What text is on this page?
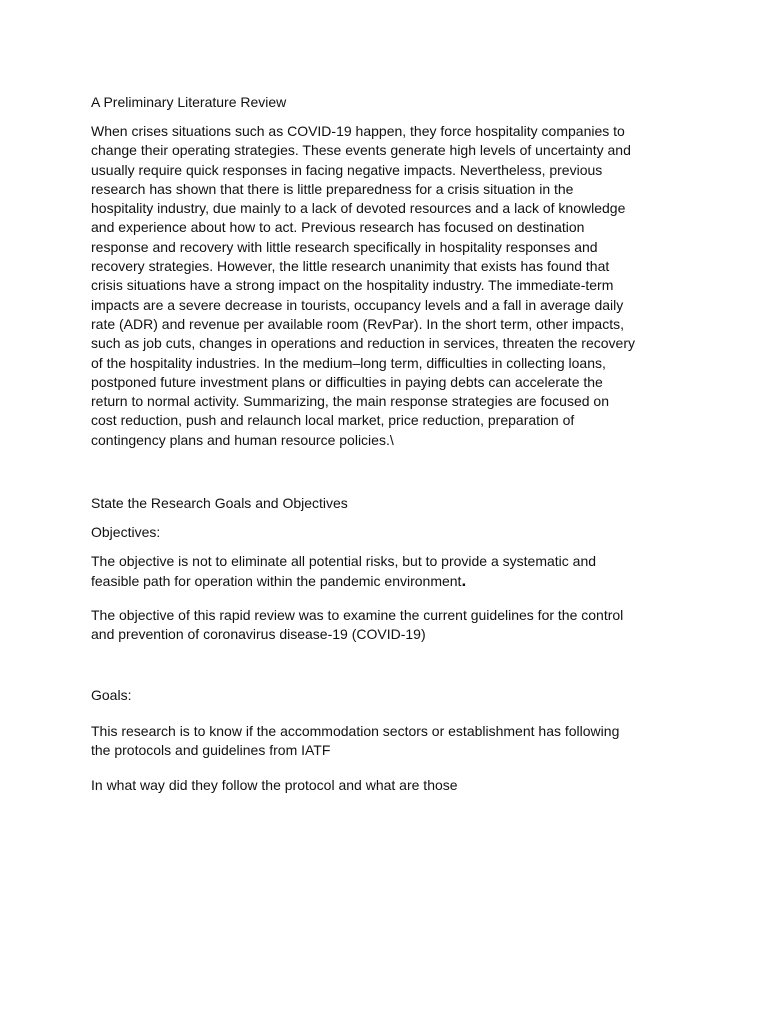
A Preliminary Literature Review

When crises situations such as COVID-19 happen, they force hospitality companies to
change their operating strategies. These events generate high levels of uncertainty and
usually require quick responses in facing negative impacts. Nevertheless, previous
research has shown that there is little preparedness for a crisis situation in the
hospitality industry, due mainly to a lack of devoted resources and a lack of knowledge
and experience about how to act. Previous research has focused on destination
response and recovery with little research specifically in hospitality responses and
recovery strategies. However, the little research unanimity that exists has found that
crisis situations have a strong impact on the hospitality industry. The immediate-term
impacts are a severe decrease in tourists, occupancy levels and a fall in average daily
rate (ADR) and revenue per available room (RevPar). In the short term, other impacts,
such as job cuts, changes in operations and reduction in services, threaten the recovery
of the hospitality industries. In the medium–long term, difficulties in collecting loans,
postponed future investment plans or difficulties in paying debts can accelerate the
return to normal activity. Summarizing, the main response strategies are focused on
cost reduction, push and relaunch local market, price reduction, preparation of
contingency plans and human resource policies.\

State the Research Goals and Objectives

Objectives:

The objective is not to eliminate all potential risks, but to provide a systematic and
feasible path for operation within the pandemic environment.

The objective of this rapid review was to examine the current guidelines for the control
and prevention of coronavirus disease-19 (COVID-19)

Goals:

This research is to know if the accommodation sectors or establishment has following
the protocols and guidelines from IATF

In what way did they follow the protocol and what are those
